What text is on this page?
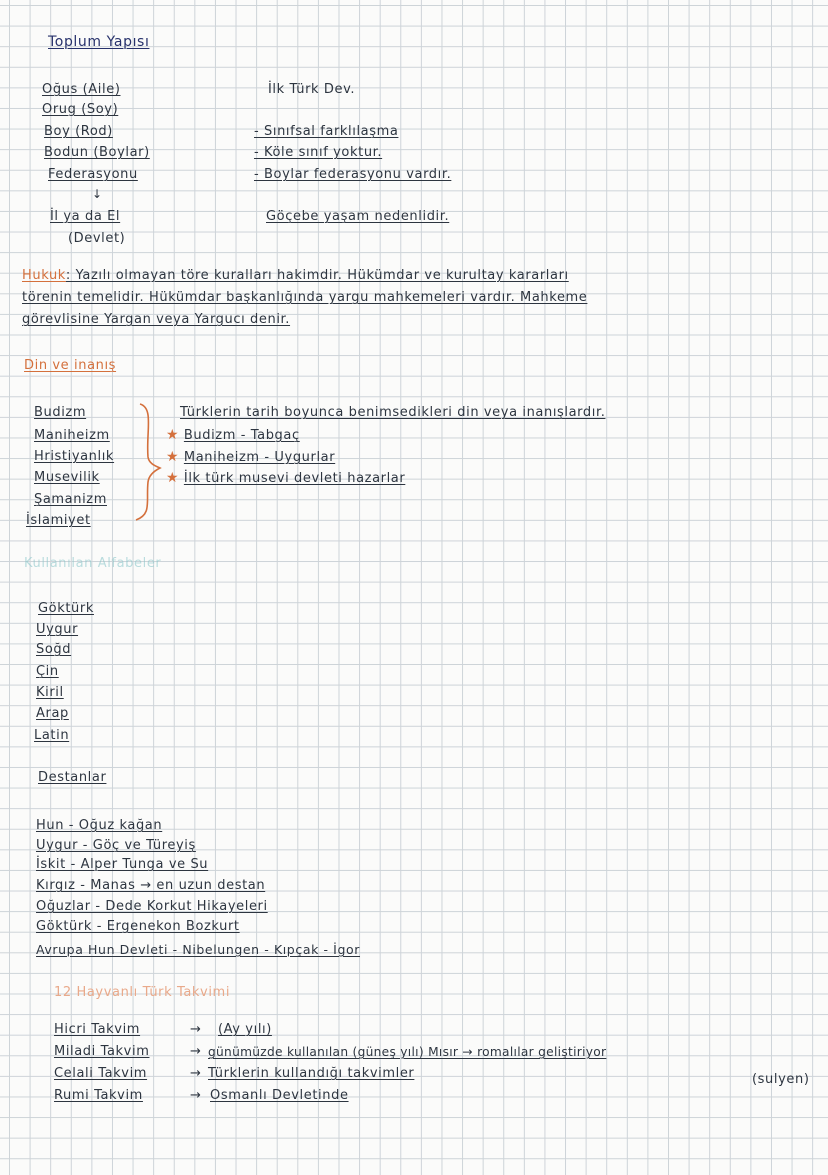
Toplum Yapısı
Oğus (Aile)
Orug (Soy)
Boy (Rod)
Bodun (Boylar)
Federasyonu
↓
İl ya da El
(Devlet)
İlk Türk Dev.
- Sınıfsal farklılaşma
- Köle sınıf yoktur.
- Boylar federasyonu vardır.
Göçebe yaşam nedenlidir.
Hukuk: Yazılı olmayan töre kuralları hakimdir. Hükümdar ve kurultay kararları
törenin temelidir. Hükümdar başkanlığında yargu mahkemeleri vardır. Mahkeme
görevlisine Yargan veya Yargucı denir.
Din ve inanış
Budizm
Maniheizm
Hristiyanlık
Musevilik
Şamanizm
İslamiyet
Türklerin tarih boyunca benimsedikleri din veya inanışlardır.
★ Budizm - Tabgaç
★ Maniheizm - Uygurlar
★ İlk türk musevi devleti hazarlar
Kullanılan Alfabeler
Göktürk
Uygur
Soğd
Çin
Kiril
Arap
Latin
Destanlar
Hun - Oğuz kağan
Uygur - Göç ve Türeyiş
İskit - Alper Tunga ve Su
Kırgız - Manas → en uzun destan
Oğuzlar - Dede Korkut Hikayeleri
Göktürk - Ergenekon Bozkurt
Avrupa Hun Devleti - Nibelungen - Kıpçak - İgor
12 Hayvanlı Türk Takvimi
Hicri Takvim	→ (Ay yılı)
Miladi Takvim	→ günümüzde kullanılan (güneş yılı) Mısır → romalılar geliştiriyor
Celali Takvim	→ Türklerin kullandığı takvimler	(sulyen)
Rumi Takvim	→ Osmanlı Devletinde
